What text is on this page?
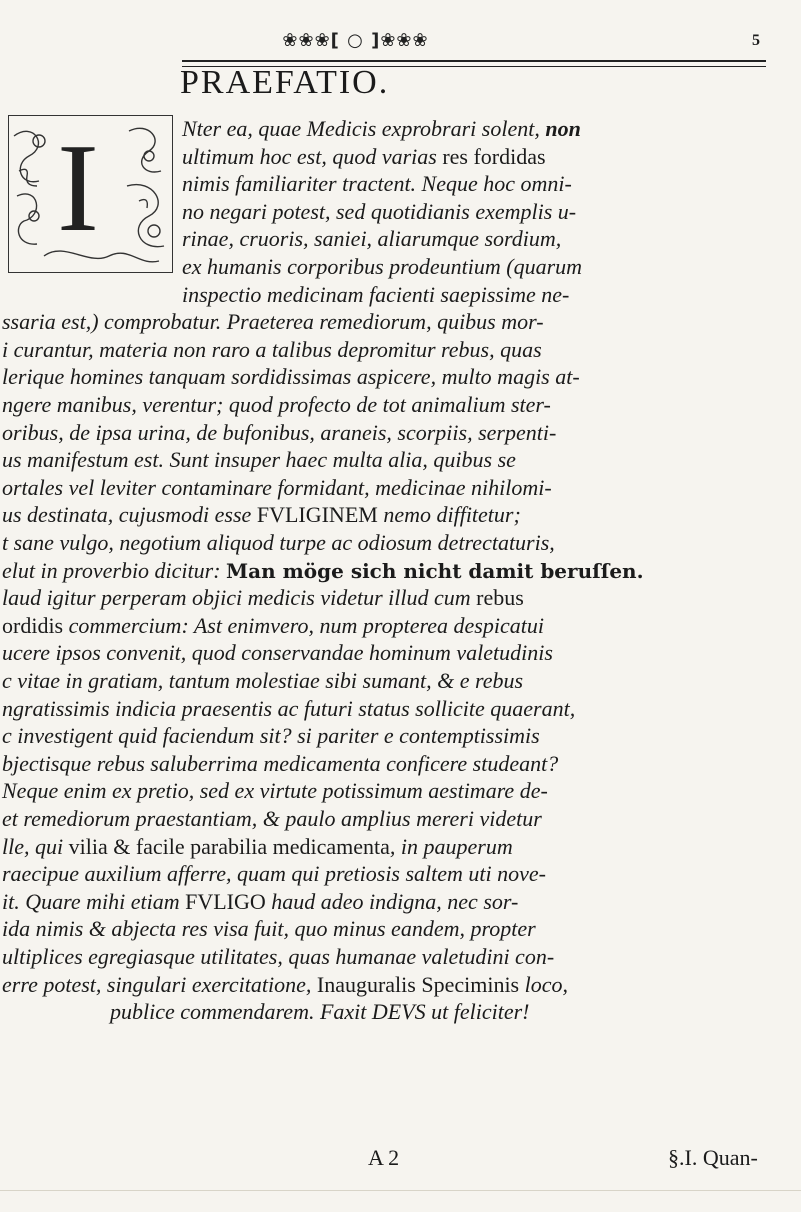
❀❀❀[ ○ ]❀❀❀	5
PRAEFATIO.
I	Nter ea, quae Medicis exprobrari solent, non
ultimum hoc est, quod varias res fordidas
nimis familiariter tractent. Neque hoc omni-
no negari potest, sed quotidianis exemplis u-
rinae, cruoris, saniei, aliarumque sordium,
ex humanis corporibus prodeuntium (quarum
inspectio medicinam facienti saepissime ne-
ssaria est,) comprobatur. Praeterea remediorum, quibus mor-
i curantur, materia non raro a talibus depromitur rebus, quas
lerique homines tanquam sordidissimas aspicere, multo magis at-
ngere manibus, verentur; quod profecto de tot animalium ster-
oribus, de ipsa urina, de bufonibus, araneis, scorpiis, serpenti-
us manifestum est. Sunt insuper haec multa alia, quibus se
ortales vel leviter contaminare formidant, medicinae nihilomi-
us destinata, cujusmodi esse FVLIGINEM nemo diffitetur;
t sane vulgo, negotium aliquod turpe ac odiosum detrectaturis,
elut in proverbio dicitur: Man möge sich nicht damit beruſſen.
laud igitur perperam objici medicis videtur illud cum rebus
ordidis commercium: Ast enimvero, num propterea despicatui
ucere ipsos convenit, quod conservandae hominum valetudinis
c vitae in gratiam, tantum molestiae sibi sumant, & e rebus
ngratissimis indicia praesentis ac futuri status sollicite quaerant,
c investigent quid faciendum sit? si pariter e contemptissimis
bjectisque rebus saluberrima medicamenta conficere studeant?
Neque enim ex pretio, sed ex virtute potissimum aestimare de-
et remediorum praestantiam, & paulo amplius mereri videtur
lle, qui vilia & facile parabilia medicamenta, in pauperum
raecipue auxilium afferre, quam qui pretiosis saltem uti nove-
it. Quare mihi etiam FVLIGO haud adeo indigna, nec sor-
ida nimis & abjecta res visa fuit, quo minus eandem, propter
ultiplices egregiasque utilitates, quas humanae valetudini con-
erre potest, singulari exercitatione, Inauguralis Speciminis loco,
publice commendarem. Faxit DEVS ut feliciter!
A 2	§.I. Quan-
